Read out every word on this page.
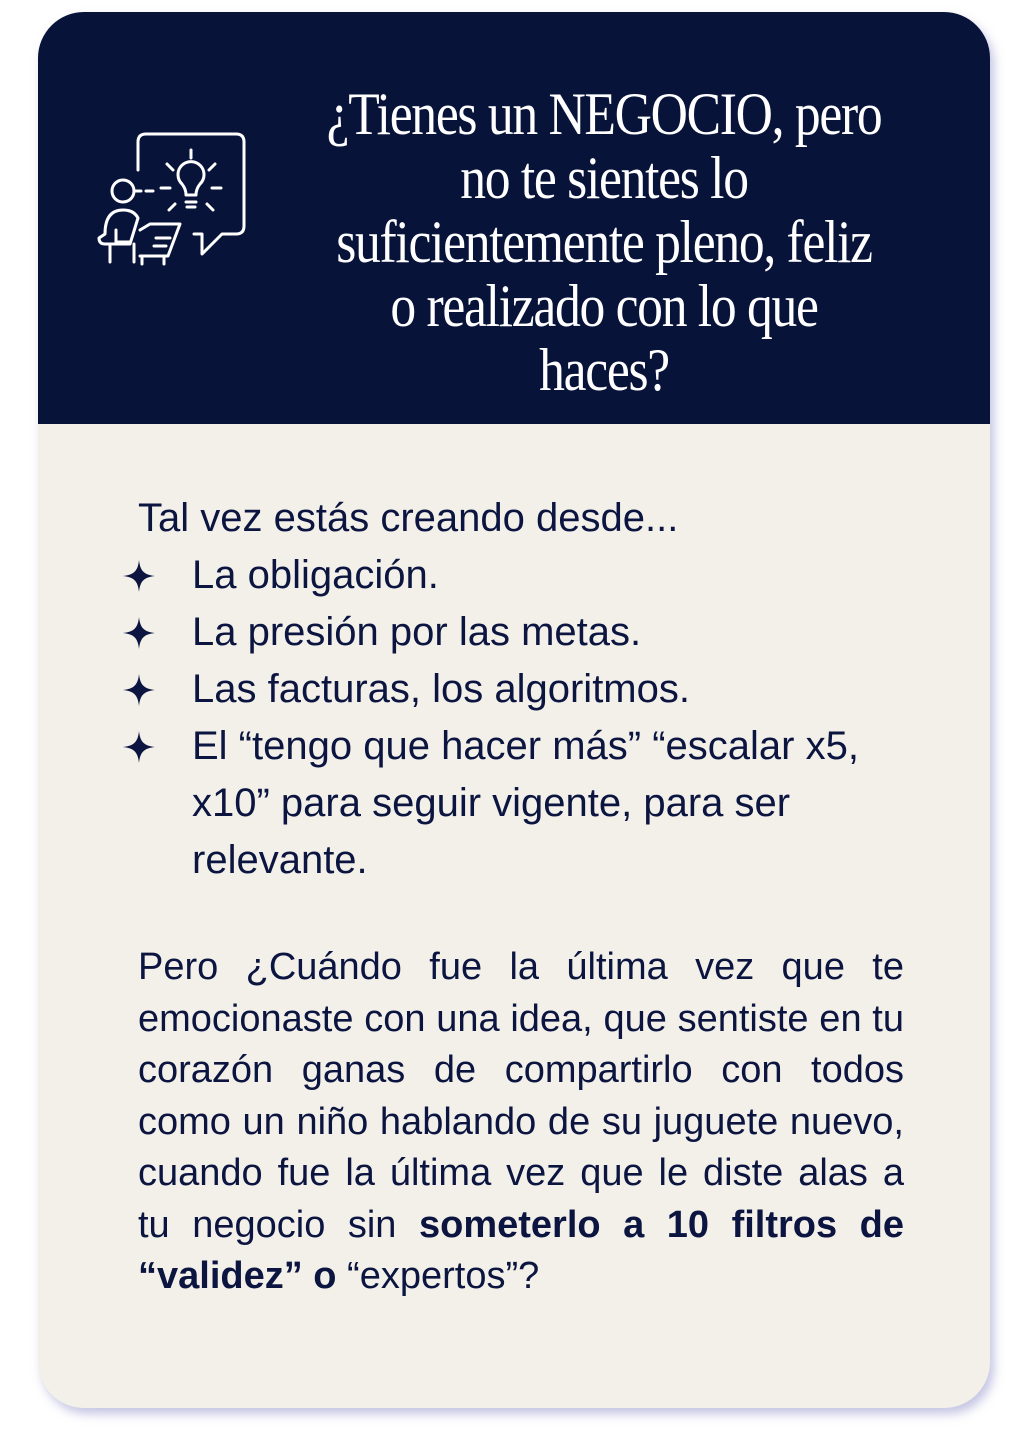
¿Tienes un NEGOCIO, pero no te sientes lo suficientemente pleno, feliz o realizado con lo que haces?

Tal vez estás creando desde...

La obligación.
La presión por las metas.
Las facturas, los algoritmos.
El “tengo que hacer más” “escalar x5, x10” para seguir vigente, para ser relevante.

Pero ¿Cuándo fue la última vez que te emocionaste con una idea, que sentiste en tu corazón ganas de compartirlo con todos como un niño hablando de su juguete nuevo, cuando fue la última vez que le diste alas a tu negocio sin someterlo a 10 filtros de “validez” o “expertos”?
